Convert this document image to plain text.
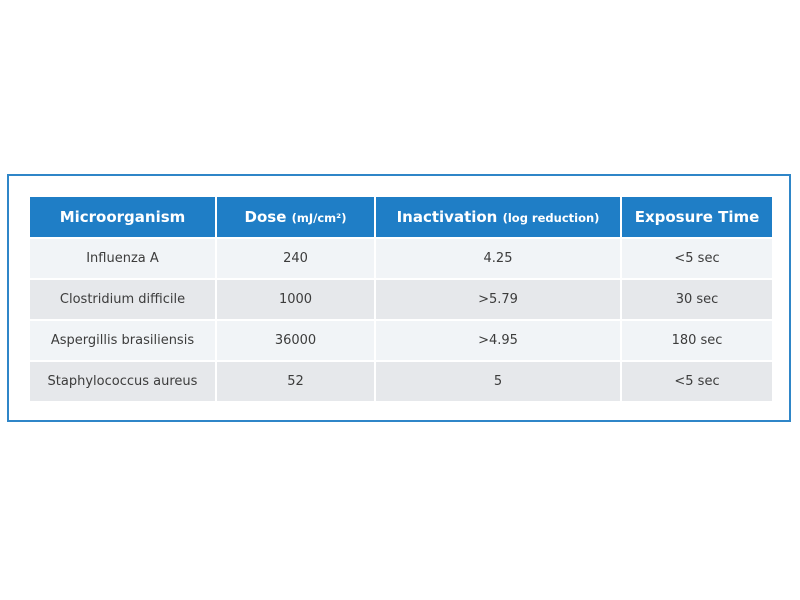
Microorganism	Dose (mJ/cm²)	Inactivation (log reduction)	Exposure Time
Influenza A	240	4.25	<5 sec
Clostridium difficile	1000	>5.79	30 sec
Aspergillis brasiliensis	36000	>4.95	180 sec
Staphylococcus aureus	52	5	<5 sec
